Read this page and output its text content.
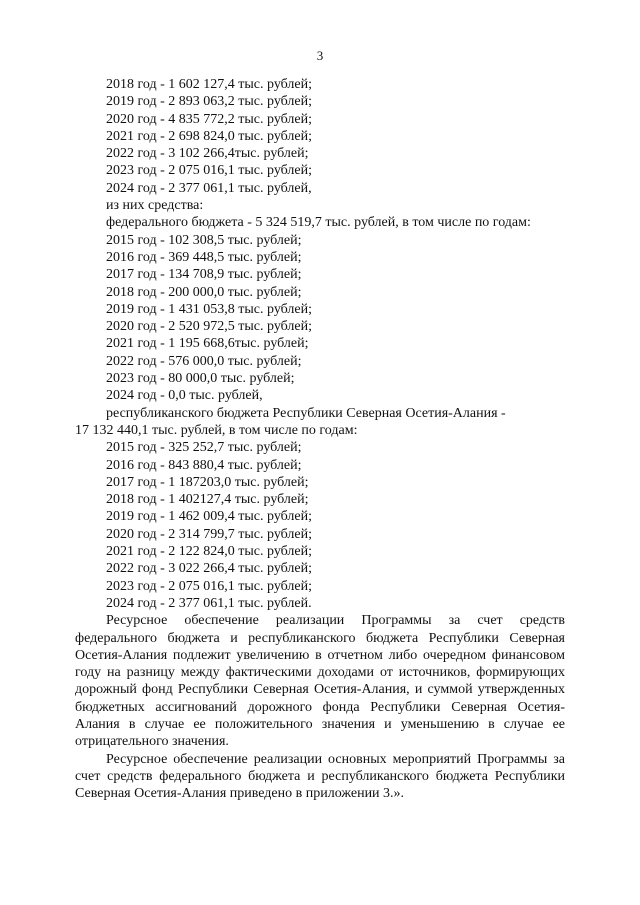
3
2018 год - 1 602 127,4 тыс. рублей;
2019 год - 2 893 063,2 тыс. рублей;
2020 год - 4 835 772,2 тыс. рублей;
2021 год - 2 698 824,0 тыс. рублей;
2022 год - 3 102 266,4тыс. рублей;
2023 год - 2 075 016,1 тыс. рублей;
2024 год - 2 377 061,1 тыс. рублей,
из них средства:
федерального бюджета - 5 324 519,7 тыс. рублей, в том числе по годам:
2015 год - 102 308,5 тыс. рублей;
2016 год - 369 448,5 тыс. рублей;
2017 год - 134 708,9 тыс. рублей;
2018 год - 200 000,0 тыс. рублей;
2019 год - 1 431 053,8 тыс. рублей;
2020 год - 2 520 972,5 тыс. рублей;
2021 год - 1 195 668,6тыс. рублей;
2022 год - 576 000,0 тыс. рублей;
2023 год - 80 000,0 тыс. рублей;
2024 год - 0,0 тыс. рублей,
республиканского бюджета Республики Северная Осетия-Алания -
17 132 440,1 тыс. рублей, в том числе по годам:
2015 год - 325 252,7 тыс. рублей;
2016 год - 843 880,4 тыс. рублей;
2017 год - 1 187203,0 тыс. рублей;
2018 год - 1 402127,4 тыс. рублей;
2019 год - 1 462 009,4 тыс. рублей;
2020 год - 2 314 799,7 тыс. рублей;
2021 год - 2 122 824,0 тыс. рублей;
2022 год - 3 022 266,4 тыс. рублей;
2023 год - 2 075 016,1 тыс. рублей;
2024 год - 2 377 061,1 тыс. рублей.
Ресурсное обеспечение реализации Программы за счет средств федерального бюджета и республиканского бюджета Республики Северная Осетия-Алания подлежит увеличению в отчетном либо очередном финансовом году на разницу между фактическими доходами от источников, формирующих дорожный фонд Республики Северная Осетия-Алания, и суммой утвержденных бюджетных ассигнований дорожного фонда Республики Северная Осетия-Алания в случае ее положительного значения и уменьшению в случае ее отрицательного значения.
Ресурсное обеспечение реализации основных мероприятий Программы за счет средств федерального бюджета и республиканского бюджета Республики Северная Осетия-Алания приведено в приложении 3.».
